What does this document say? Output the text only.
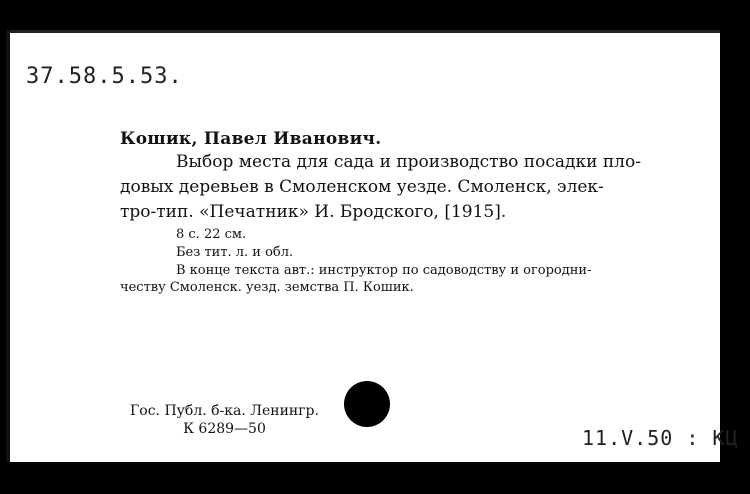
37.58.5.53.
Кошик, Павел Иванович.
Выбор места для сада и производство посадки пло-
довых деревьев в Смоленском уезде. Смоленск, элек-
тро-тип. «Печатник» И. Бродского, [1915].
8 с. 22 см.
Без тит. л. и обл.
В конце текста авт.: инструктор по садоводству и огородни-
честву Смоленск. уезд. земства П. Кошик.
Гос. Публ. б-ка. Ленингр.
К 6289—50	11.V.50 : КЦ
